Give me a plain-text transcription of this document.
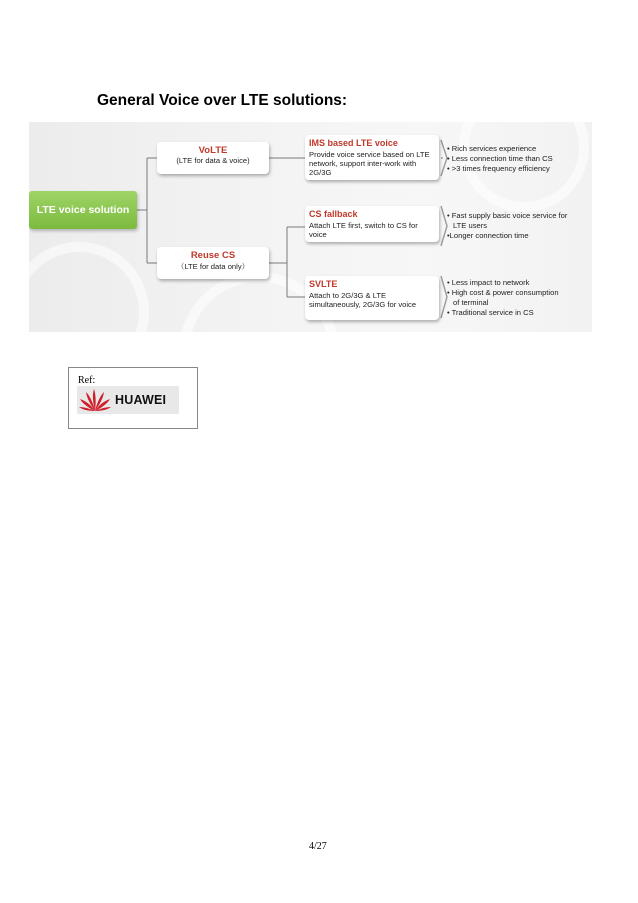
General Voice over LTE solutions:
LTE voice solution
VoLTE
(LTE for data & voice)
Reuse CS
（LTE for data only）
IMS based LTE voice
Provide voice service based on LTE network, support inter-work with 2G/3G
CS fallback
Attach LTE first, switch to CS for voice
SVLTE
Attach to 2G/3G & LTE simultaneously, 2G/3G for voice
• Rich services experience
• Less connection time than CS
• >3 times frequency efficiency
• Fast supply basic voice service for
LTE users
•Longer connection time
• Less impact to network
• High cost & power consumption
of terminal
• Traditional service in CS
Ref:
HUAWEI
4/27
